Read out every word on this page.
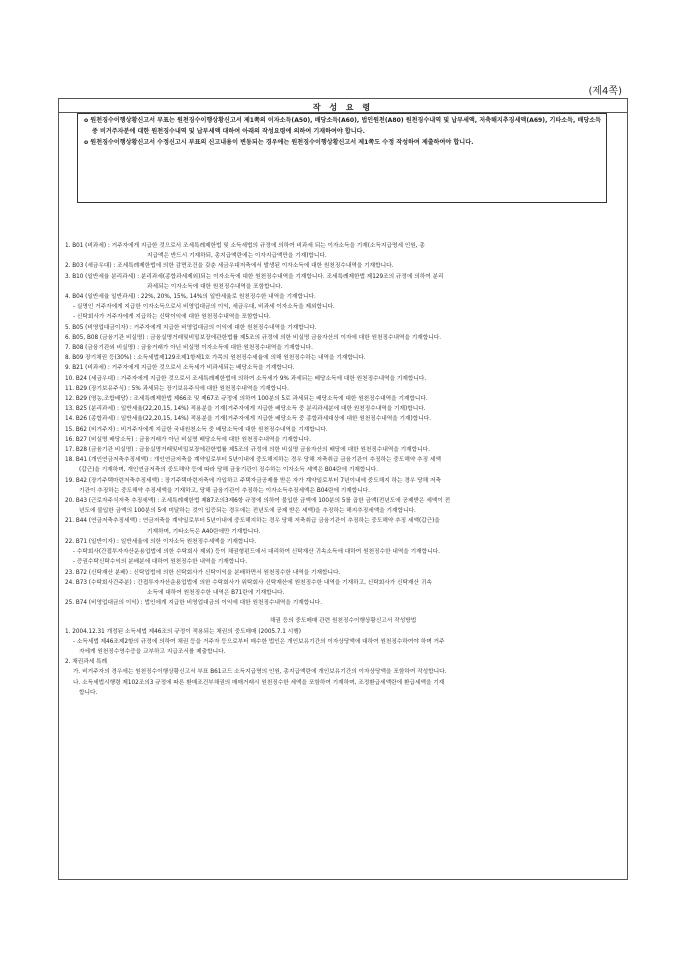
(제4쪽)
작 성 요 령

o 원천징수이행상황신고서 부표는 원천징수이행상황신고서 제1쪽의 이자소득(A50), 배당소득(A60), 법인원천(A80) 원천징수내역 및 납부세액, 저축해지추징세액(A69), 기타소득, 배당소득 중 비거주자분에 대한 원천징수내역 및 납부세액 대하여 아래의 작성요령에 의하여 기재하여야 합니다.

o 원천징수이행상황신고서 수정신고시 부표의 신고내용이 변동되는 경우에는 원천징수이행상황신고서 제1쪽도 수정 작성하여 제출하여야 합니다.

1. B01 (비과세) : 거주자에게 지급한 것으로서 조세특례제한법 및 소득세법의 규정에 의하여 비과세 되는 이자소득을 기재(소득지급명세 인원, 총
지급액은 반드시 기재하되, 총지급액란에는 이자지급액만을 기재)합니다.
2. B03 (세금우대) : 조세특례제한법에 의한 감면조건을 갖춘 세금우대저축에서 발생된 이자소득에 대한 원천징수내역을 기재합니다.
3. B10 (일반세율 분리과세) : 분리과세(종합과세제외)되는 이자소득에 대한 원천징수내역을 기재합니다. 조세특례제한법 제129조의 규정에 의하여 분리
과세되는 이자소득에 대한 원천징수내역을 포함합니다.
4. B04 (일반세율 일반과세) : 22%, 20%, 15%, 14%의 일반세율로 원천징수한 내역을 기재합니다.
- 실명인 거주자에게 지급한 이자소득으로서 비영업대금의 이익, 세금우대, 비과세 이자소득을 제외합니다.
- 신탁회사가 거주자에게 지급하는 신탁이익에 대한 원천징수내역을 포함합니다.
5. B05 (비영업대금이자) : 거주자에게 지급한 비영업대금의 이익에 대한 원천징수내역을 기재합니다.
6. B05, B08 (금융기관 비실명) : 금융실명거래및비밀보장에관한법률 제5조의 규정에 의한 비실명 금융자산의 이자에 대한 원천징수내역을 기재합니다.
7. B08 (금융기관외 비실명) : 금융거래가 아닌 비실명 이자소득에 대한 원천징수내역을 기재합니다.
8. B09 장기채권 등(30%) : 소득세법제129조제1항제1호 가목의 원천징수세율에 의해 원천징수하는 내역을 기재합니다.
9. B21 (비과세) : 거주자에게 지급한 것으로서 소득세가 비과세되는 배당소득을 기재합니다.
10. B24 (세금우대) : 거주자에게 지급한 것으로서 조세특례제한법에 의하여 소득세가 9% 과세되는 배당소득에 대한 원천징수내역을 기재합니다.
11. B29 (장기보유주식) : 5% 과세되는 장기보유주식에 대한 원천징수내역을 기재합니다.
12. B29 (영농,조합배당) : 조세특례제한법 제66조 및 제67조 규정에 의하여 100분의 5로 과세되는 배당소득에 대한 원천징수내역을 기재합니다.
13. B25 (분리과세) : 일반세율(22,20,15, 14%) 적용분을 기재(거주자에게 지급한 배당소득 중 분리과세분에 대한 원천징수내역을 기재)합니다.
14. B26 (종합과세) : 일반세율(22,20,15, 14%) 적용분을 기재(거주자에게 지급한 배당소득 중 종합과세대상에 대한 원천징수내역을 기재)합니다.
15. B62 (비거주자) : 비거주자에게 지급한 국내원천소득 중 배당소득에 대한 원천징수내역을 기재합니다.
16. B27 (비실명 배당소득) : 금융거래가 아닌 비실명 배당소득에 대한 원천징수내역을 기재합니다.
17. B28 (금융기관 비실명) : 금융실명거래및비밀보장에관한법률 제5조의 규정에 의한 비실명 금융자산의 배당에 대한 원천징수내역을 기재합니다.
18. B41 (개인연금저축추징세액) : 개인연금저축을 계약일로부터 5년이내에 중도해지하는 경우 당해 저축취급 금융기관이 추징하는 중도해약 추징 세액
(갑근)을 기재하며, 개인연금저축의 중도해약 등에 따라 당해 금융기관이 징수하는 이자소득 세액은 B04란에 기재합니다.
19. B42 (장기주택마련저축추징세액) : 장기주택마련저축에 가입하고 주택자금공제를 받은 자가 계약일로부터 7년이내에 중도해지 하는 경우 당해 저축
기관이 추징하는 중도해약 추징세액을 기재하고, 당해 금융기관이 추징하는 이자소득추징세액은 B04란에 기재합니다.
20. B43 (근로자주식저축 추징세액) : 조세특례제한법 제87조의3제6항 규정에 의하여 불입한 금액에 100분의 5를 곱한 금액(전년도에 공제받은 세액이 전
년도에 불입한 금액의 100분의 5에 미달하는 것이 입증되는 경우에는 전년도에 공제 받은 세액)을 추징하는 해지추징세액을 기재합니다.
21. B44 (연금저축추징세액) : 연금저축을 계약일로부터 5년이내에 중도해지하는 경우 당해 저축취급 금융기관이 추징하는 중도해약 추징 세액(갑근)을
기재하며, 기타소득은 A40란에만 기재합니다.
22. B71 (일반이자) : 일반세율에 의한 이자소득 원천징수세액을 기재합니다.
- 수탁회사(간접투자자산운용업법에 의한 수탁회사 제외) 등이 채권형펀드에서 대리하여 신탁재산 귀속소득에 대하여 원천징수한 내역을 기재합니다.
- 증권수탁신탁수익의 분배분에 대하여 원천징수한 내역을 기재합니다.
23. B72 (신탁재산 분배) : 신탁업법에 의한 신탁회사가 신탁이익을 분배하면서 원천징수한 내역을 기재합니다.
24. B73 (수탁회사간주분) : 간접투자자산운용업법에 의한 수탁회사가 위탁회사 신탁재산에 원천징수한 내역을 기재하고, 신탁회사가 신탁재산 귀속
소득에 대하여 원천징수한 내역은 B71란에 기재합니다.
25. B74 (비영업대금의 이익) : 법인에게 지급한 비영업대금의 이익에 대한 원천징수내역을 기재합니다.
채권 등의 중도매매 관련 원천징수이행상황신고서 작성방법
1. 2004.12.31 개정된 소득세법 제46조의 규정이 적용되는 채권의 중도매매 (2005.7.1 시행)
- 소득세법 제46조제2항의 규정에 의하여 채권 등을 거주자 등으로부터 매수한 법인은 개인보유기간의 이자상당액에 대하여 원천징수하여야 하며 거주
자에게 원천징수영수증을 교부하고 지급조서를 제출합니다.
2. 채권과세 특례
가. 비거주자의 경우에는 원천징수이행상황신고서 부표 B61코드 소득지급명의 인원, 총지급액란에 개인보유기간의 이자상당액을 포함하여 작성합니다.
나. 소득세법시행령 제102조의3 규정에 따른 환매조건부채권의 매매거래시 원천징수한 세액을 포함하여 기재하며, 조정환급세액란에 환급세액을 기재
합니다.
